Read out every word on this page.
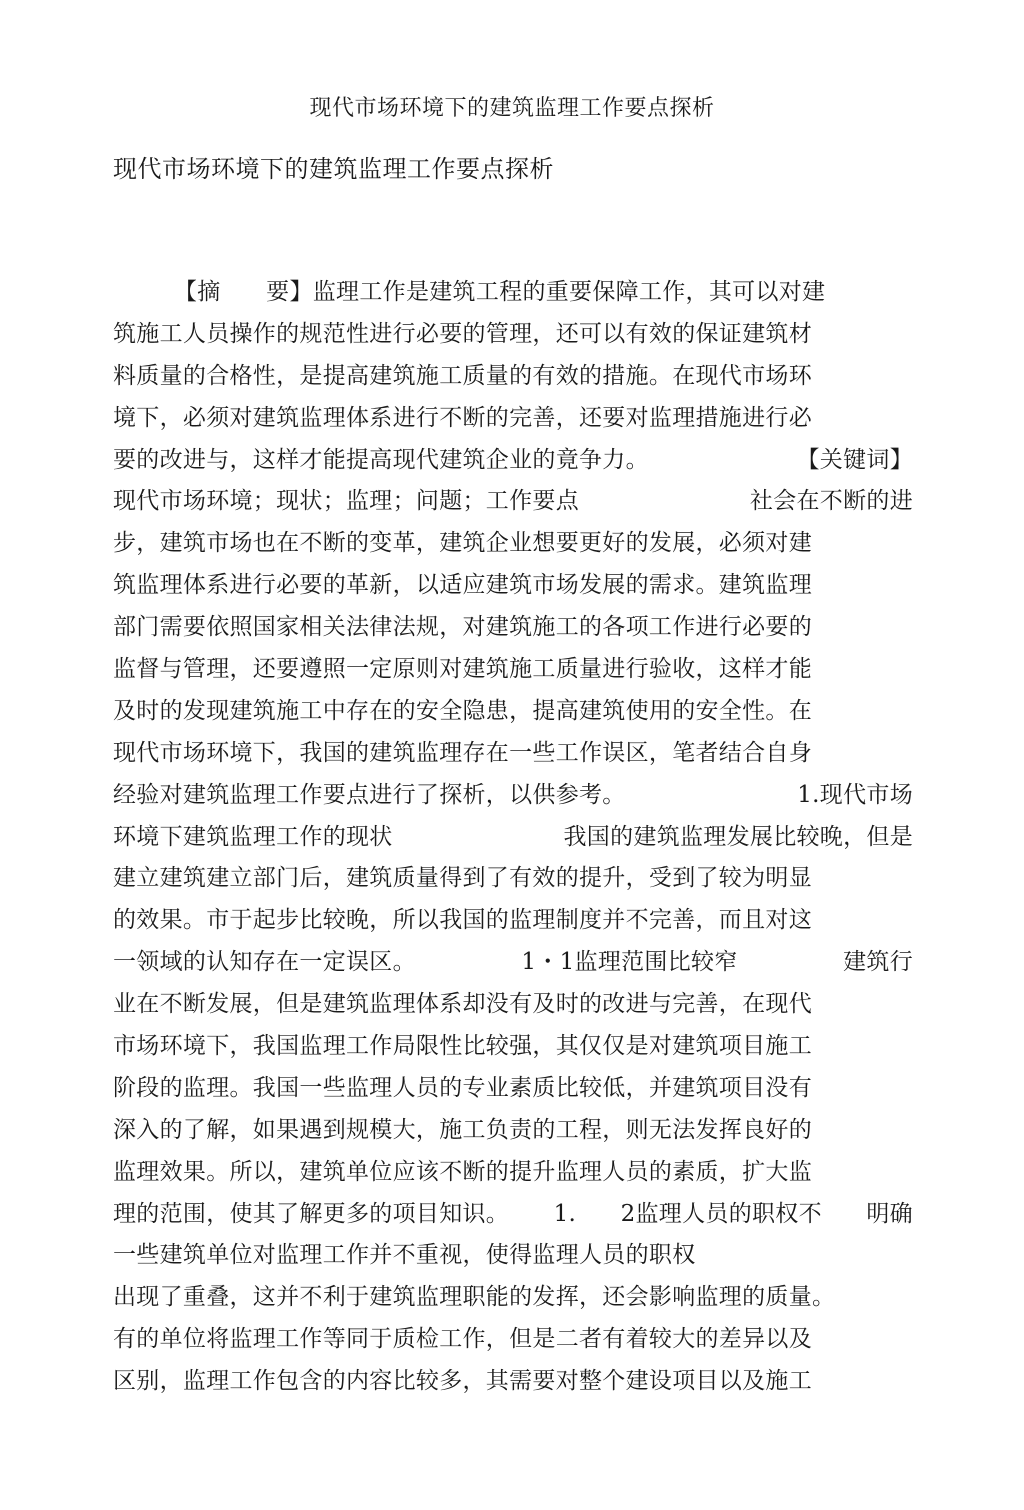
现代市场环境下的建筑监理工作要点探析
现代市场环境下的建筑监理工作要点探析
【摘      要】监理工作是建筑工程的重要保障工作，其可以对建
筑施工人员操作的规范性进行必要的管理，还可以有效的保证建筑材
料质量的合格性，是提高建筑施工质量的有效的措施。在现代市场环
境下，必须对建筑监理体系进行不断的完善，还要对监理措施进行必
要的改进与，这样才能提高现代建筑企业的竟争力。	【关键词】
现代市场环境；现状；监理；问题；工作要点	社会在不断的进
步，建筑市场也在不断的变革，建筑企业想要更好的发展，必须对建
筑监理体系进行必要的革新，以适应建筑市场发展的需求。建筑监理
部门需要依照国家相关法律法规，对建筑施工的各项工作进行必要的
监督与管理，还要遵照一定原则对建筑施工质量进行验收，这样才能
及时的发现建筑施工中存在的安全隐患，提高建筑使用的安全性。在
现代市场环境下，我国的建筑监理存在一些工作误区，笔者结合自身
经验对建筑监理工作要点进行了探析，以供参考。	1.现代市场
环境下建筑监理工作的现状	我国的建筑监理发展比较晚，但是
建立建筑建立部门后，建筑质量得到了有效的提升，受到了较为明显
的效果。市于起步比较晚，所以我国的监理制度并不完善，而且对这
一领域的认知存在一定误区。	1・1监理范围比较窄	建筑行
业在不断发展，但是建筑监理体系却没有及时的改进与完善，在现代
市场环境下，我国监理工作局限性比较强，其仅仅是对建筑项目施工
阶段的监理。我国一些监理人员的专业素质比较低，并建筑项目没有
深入的了解，如果遇到规模大，施工负责的工程，则无法发挥良好的
监理效果。所以，建筑单位应该不断的提升监理人员的素质，扩大监
理的范围，使其了解更多的项目知识。 1. 2监理人员的职权不 明确
一些建筑单位对监理工作并不重视，使得监理人员的职权
出现了重叠，这并不利于建筑监理职能的发挥，还会影响监理的质量。
有的单位将监理工作等同于质检工作，但是二者有着较大的差异以及
区别，监理工作包含的内容比较多，其需要对整个建设项目以及施工
